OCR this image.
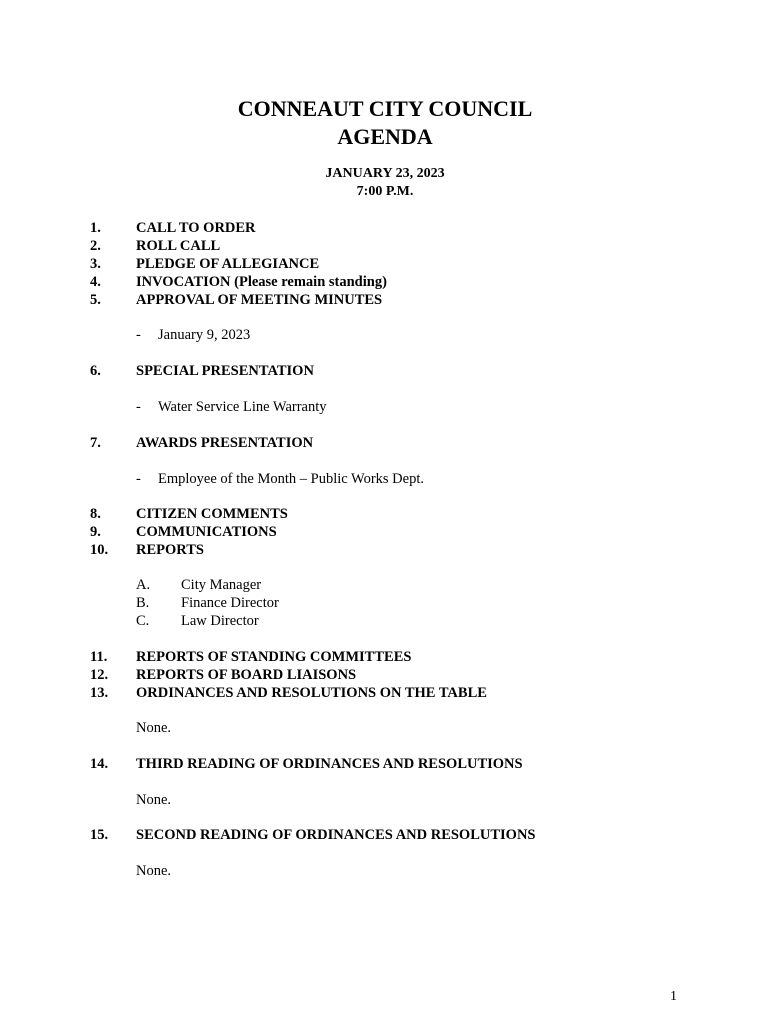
CONNEAUT CITY COUNCIL
AGENDA
JANUARY 23, 2023
7:00 P.M.
1. CALL TO ORDER
2. ROLL CALL
3. PLEDGE OF ALLEGIANCE
4. INVOCATION (Please remain standing)
5. APPROVAL OF MEETING MINUTES
- January 9, 2023
6. SPECIAL PRESENTATION
- Water Service Line Warranty
7. AWARDS PRESENTATION
- Employee of the Month – Public Works Dept.
8. CITIZEN COMMENTS
9. COMMUNICATIONS
10. REPORTS
A. City Manager
B. Finance Director
C. Law Director
11. REPORTS OF STANDING COMMITTEES
12. REPORTS OF BOARD LIAISONS
13. ORDINANCES AND RESOLUTIONS ON THE TABLE
None.
14. THIRD READING OF ORDINANCES AND RESOLUTIONS
None.
15. SECOND READING OF ORDINANCES AND RESOLUTIONS
None.
1
